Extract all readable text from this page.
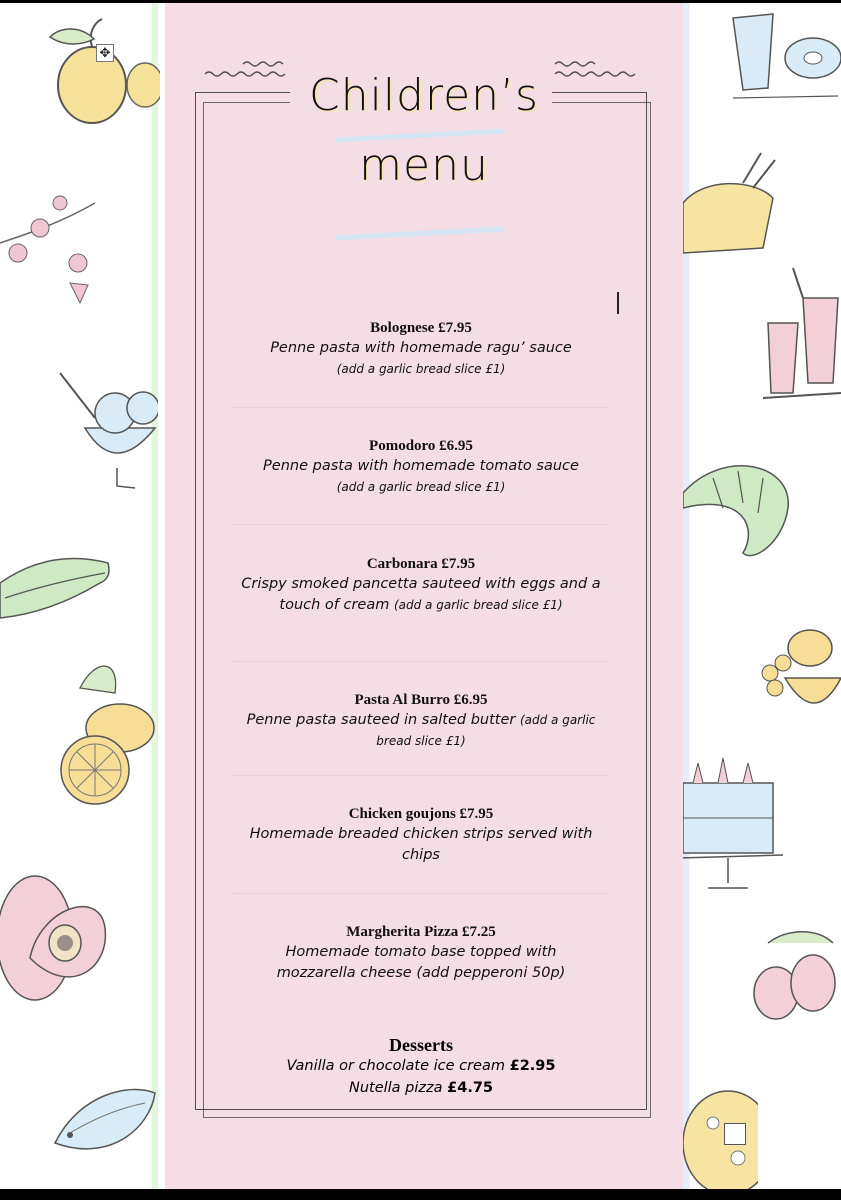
Children’s
menu
Bolognese £7.95
Penne pasta with homemade ragu’ sauce
(add a garlic bread slice £1)
Pomodoro £6.95
Penne pasta with homemade tomato sauce (add a garlic bread slice £1)
Carbonara £7.95
Crispy smoked pancetta sauteed with eggs and a touch of cream (add a garlic bread slice £1)
Pasta Al Burro £6.95
Penne pasta sauteed in salted butter (add a garlic bread slice £1)
Chicken goujons £7.95
Homemade breaded chicken strips served with chips
Margherita Pizza £7.25
Homemade tomato base topped with mozzarella cheese (add pepperoni 50p)
Desserts
Vanilla or chocolate ice cream £2.95
Nutella pizza £4.75
✥
